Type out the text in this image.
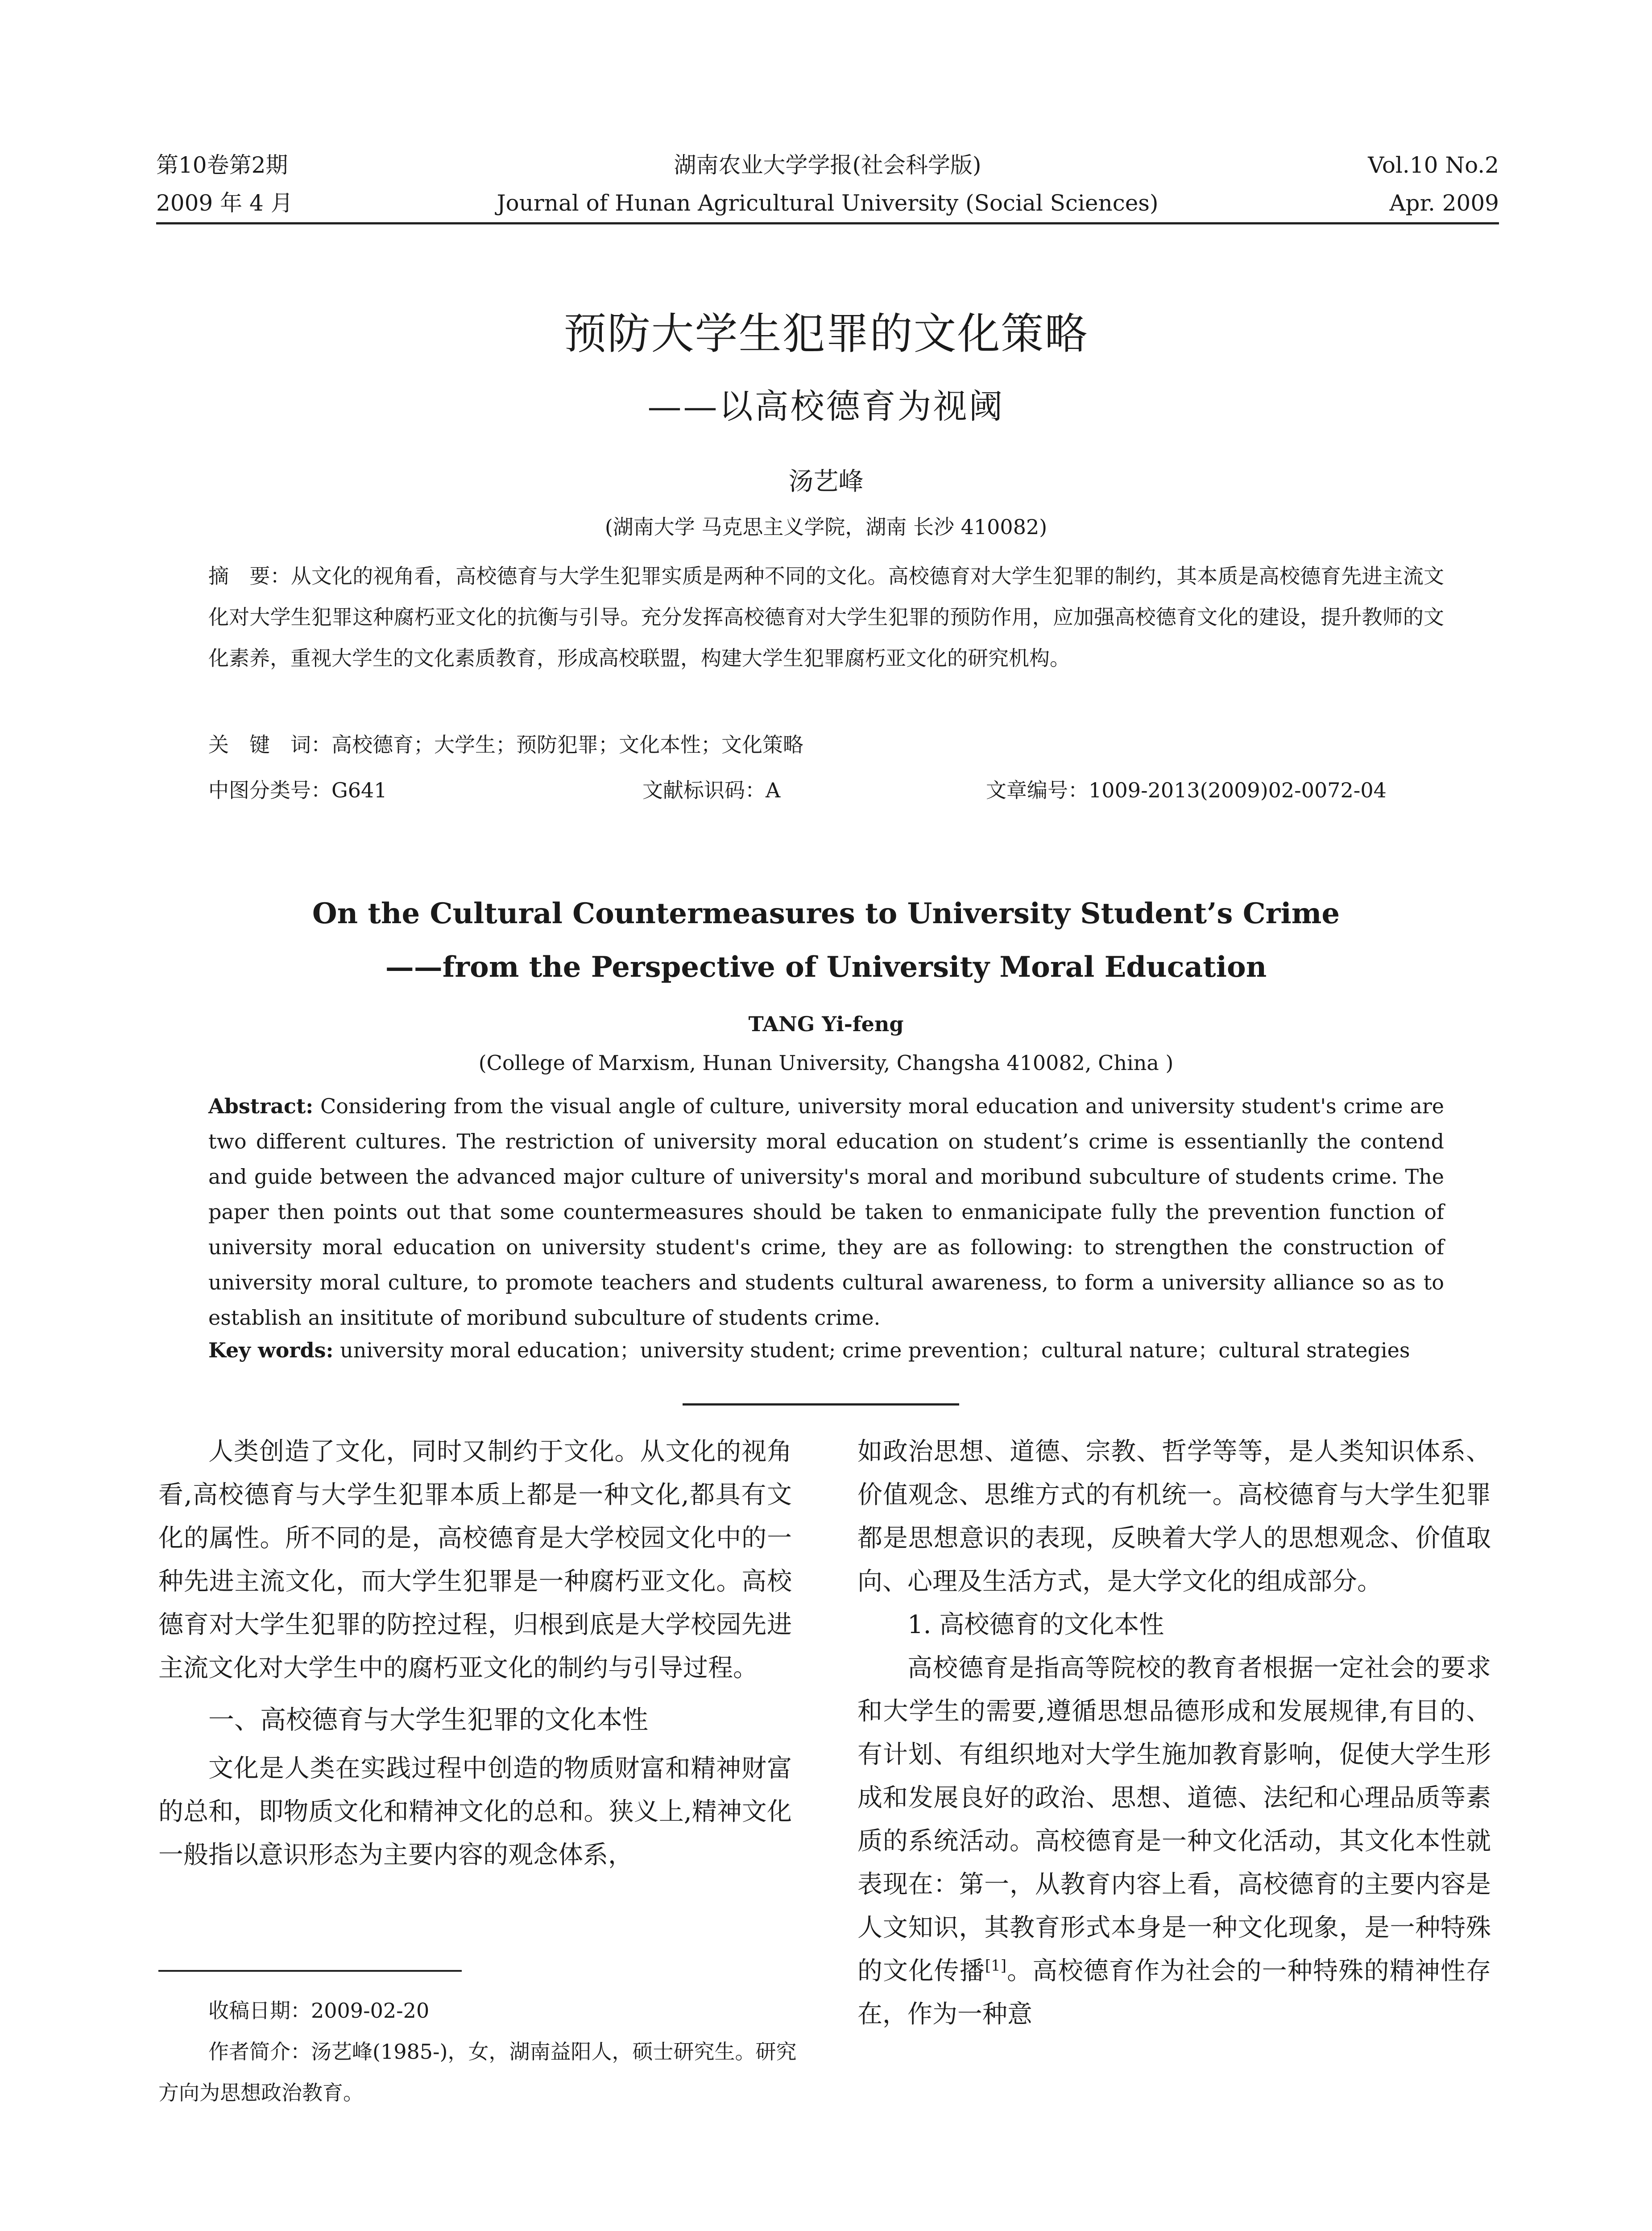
第10卷第2期	湖南农业大学学报(社会科学版)	Vol.10 No.2
2009 年 4 月	Journal of Hunan Agricultural University (Social Sciences)	Apr. 2009
预防大学生犯罪的文化策略
——以高校德育为视阈
汤艺峰
(湖南大学 马克思主义学院，湖南 长沙 410082)
摘　要：从文化的视角看，高校德育与大学生犯罪实质是两种不同的文化。高校德育对大学生犯罪的制约，其本质是高校德育先进主流文化对大学生犯罪这种腐朽亚文化的抗衡与引导。充分发挥高校德育对大学生犯罪的预防作用，应加强高校德育文化的建设，提升教师的文化素养，重视大学生的文化素质教育，形成高校联盟，构建大学生犯罪腐朽亚文化的研究机构。
关　键　词：高校德育；大学生；预防犯罪；文化本性；文化策略
中图分类号：G641	文献标识码：A	文章编号：1009-2013(2009)02-0072-04
On the Cultural Countermeasures to University Student’s Crime
——from the Perspective of University Moral Education
TANG Yi-feng
(College of Marxism, Hunan University, Changsha 410082, China )
Abstract: Considering from the visual angle of culture, university moral education and university student's crime are two different cultures. The restriction of university moral education on student’s crime is essentianlly the contend and guide between the advanced major culture of university's moral and moribund subculture of students crime. The paper then points out that some countermeasures should be taken to enmanicipate fully the prevention function of university moral education on university student's crime, they are as following: to strengthen the construction of university moral culture, to promote teachers and students cultural awareness, to form a university alliance so as to establish an insititute of moribund subculture of students crime.
Key words: university moral education；university student; crime prevention；cultural nature；cultural strategies

人类创造了文化，同时又制约于文化。从文化的视角看,高校德育与大学生犯罪本质上都是一种文化,都具有文化的属性。所不同的是，高校德育是大学校园文化中的一种先进主流文化，而大学生犯罪是一种腐朽亚文化。高校德育对大学生犯罪的防控过程，归根到底是大学校园先进主流文化对大学生中的腐朽亚文化的制约与引导过程。

一、高校德育与大学生犯罪的文化本性

文化是人类在实践过程中创造的物质财富和精神财富的总和，即物质文化和精神文化的总和。狭义上,精神文化一般指以意识形态为主要内容的观念体系，

如政治思想、道德、宗教、哲学等等，是人类知识体系、价值观念、思维方式的有机统一。高校德育与大学生犯罪都是思想意识的表现，反映着大学人的思想观念、价值取向、心理及生活方式，是大学文化的组成部分。

1. 高校德育的文化本性

高校德育是指高等院校的教育者根据一定社会的要求和大学生的需要,遵循思想品德形成和发展规律,有目的、有计划、有组织地对大学生施加教育影响，促使大学生形成和发展良好的政治、思想、道德、法纪和心理品质等素质的系统活动。高校德育是一种文化活动，其文化本性就表现在：第一，从教育内容上看，高校德育的主要内容是人文知识，其教育形式本身是一种文化现象，是一种特殊的文化传播[1]。高校德育作为社会的一种特殊的精神性存在，作为一种意

收稿日期：2009-02-20

作者简介：汤艺峰(1985-)，女，湖南益阳人，硕士研究生。研究方向为思想政治教育。
